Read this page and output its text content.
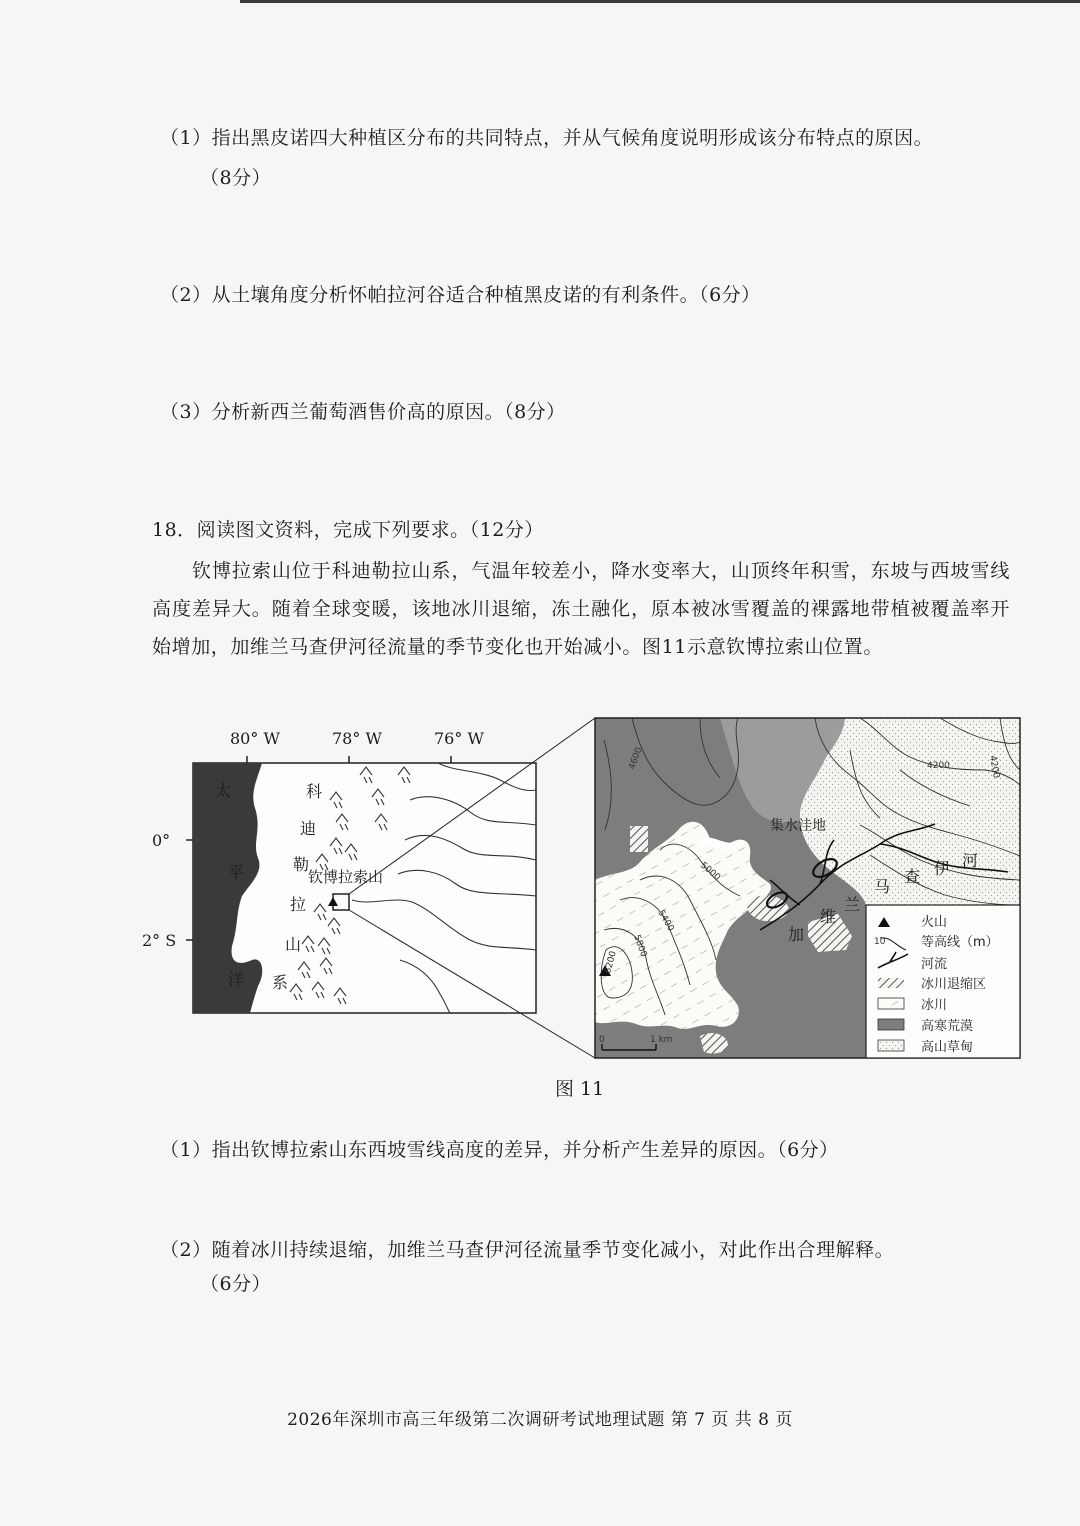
（1）指出黑皮诺四大种植区分布的共同特点，并从气候角度说明形成该分布特点的原因。
（8分）
（2）从土壤角度分析怀帕拉河谷适合种植黑皮诺的有利条件。（6分）
（3）分析新西兰葡萄酒售价高的原因。（8分）
18．阅读图文资料，完成下列要求。（12分）
钦博拉索山位于科迪勒拉山系，气温年较差小，降水变率大，山顶终年积雪，东坡与西坡雪线高度差异大。随着全球变暖，该地冰川退缩，冻土融化，原本被冰雪覆盖的裸露地带植被覆盖率开始增加，加维兰马查伊河径流量的季节变化也开始减小。图11示意钦博拉索山位置。
80° W	78° W	76° W
0°
2° S
太
平
洋
科
迪
勒
拉
山
系
钦博拉索山
4600	4200	4200
5000
5400
5800
6200
集水洼地
加
维
兰
马
查 伊 河
0	1 km
火山
10	等高线（m）
河流
冰川退缩区
冰川
高寒荒漠
高山草甸
图 11
（1）指出钦博拉索山东西坡雪线高度的差异，并分析产生差异的原因。（6分）
（2）随着冰川持续退缩，加维兰马查伊河径流量季节变化减小，对此作出合理解释。
（6分）
2026年深圳市高三年级第二次调研考试地理试题 第 7 页 共 8 页
